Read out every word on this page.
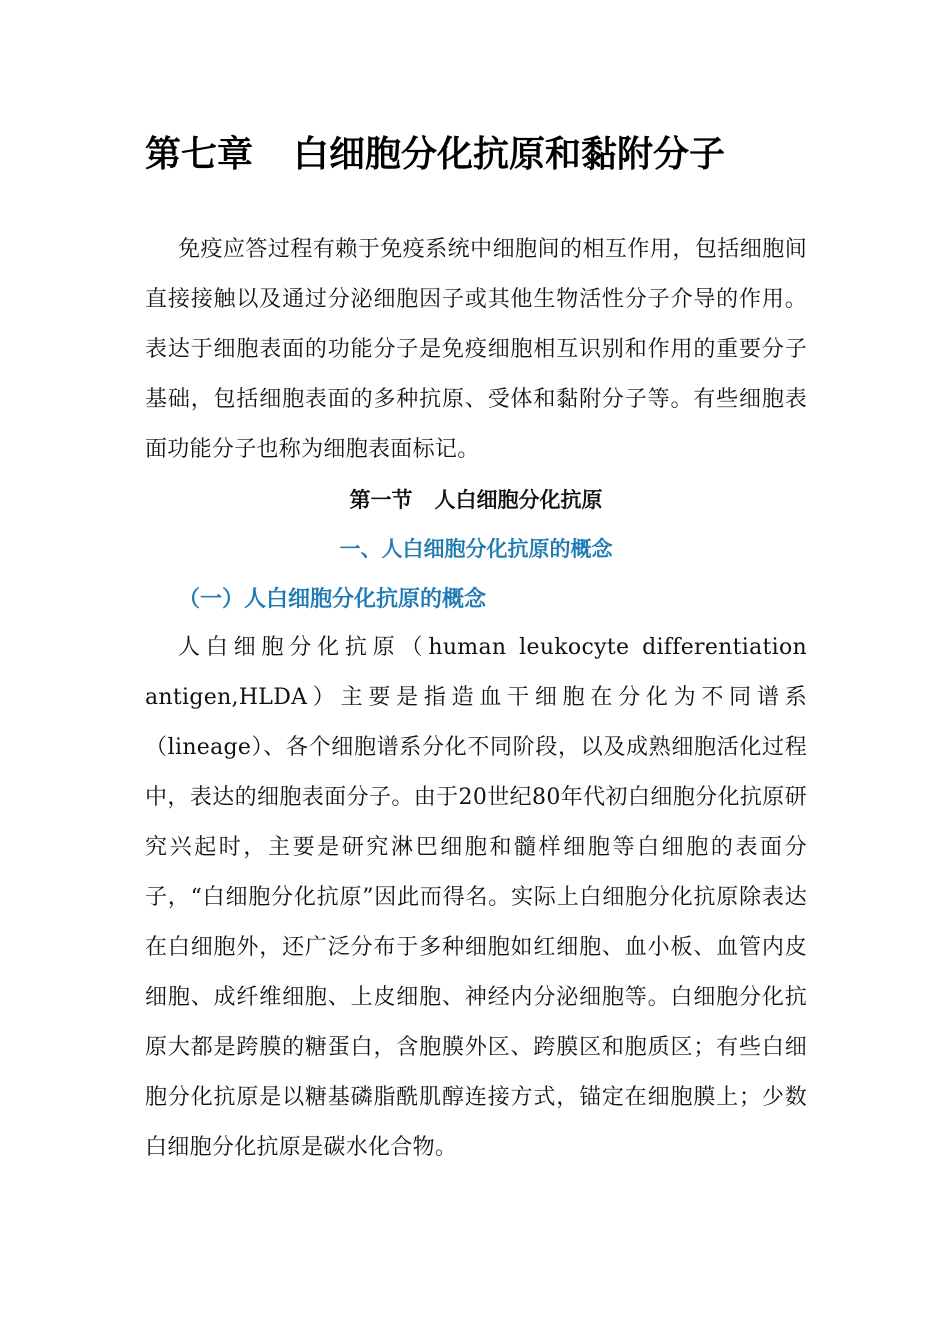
第七章 白细胞分化抗原和黏附分子

免疫应答过程有赖于免疫系统中细胞间的相互作用，包括细胞间直接接触以及通过分泌细胞因子或其他生物活性分子介导的作用。表达于细胞表面的功能分子是免疫细胞相互识别和作用的重要分子基础，包括细胞表面的多种抗原、受体和黏附分子等。有些细胞表面功能分子也称为细胞表面标记。

第一节 人白细胞分化抗原
一、人白细胞分化抗原的概念
（一）人白细胞分化抗原的概念

人白细胞分化抗原（human leukocyte differentiation antigen,HLDA）主要是指造血干细胞在分化为不同谱系（lineage）、各个细胞谱系分化不同阶段，以及成熟细胞活化过程中，表达的细胞表面分子。由于20世纪80年代初白细胞分化抗原研究兴起时，主要是研究淋巴细胞和髓样细胞等白细胞的表面分子，“白细胞分化抗原”因此而得名。实际上白细胞分化抗原除表达在白细胞外，还广泛分布于多种细胞如红细胞、血小板、血管内皮细胞、成纤维细胞、上皮细胞、神经内分泌细胞等。白细胞分化抗原大都是跨膜的糖蛋白，含胞膜外区、跨膜区和胞质区；有些白细胞分化抗原是以糖基磷脂酰肌醇连接方式，锚定在细胞膜上；少数白细胞分化抗原是碳水化合物。
